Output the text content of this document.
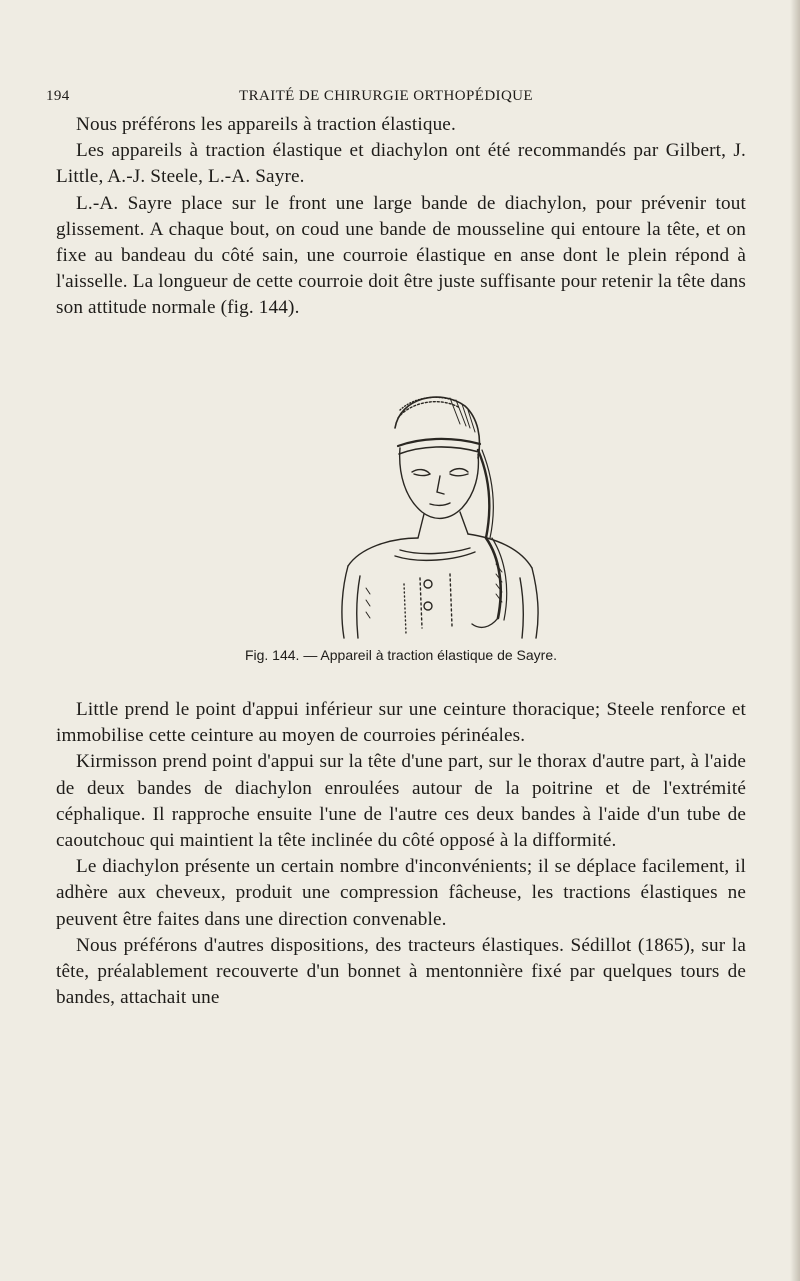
194	TRAITÉ DE CHIRURGIE ORTHOPÉDIQUE

Nous préférons les appareils à traction élastique.

Les appareils à traction élastique et diachylon ont été recommandés par Gilbert, J. Little, A.-J. Steele, L.-A. Sayre.

L.-A. Sayre place sur le front une large bande de diachylon, pour prévenir tout glissement. A chaque bout, on coud une bande de mousseline qui entoure la tête, et on fixe au bandeau du côté sain, une courroie élastique en anse dont le plein répond à l'aisselle. La longueur de cette courroie doit être juste suffisante pour retenir la tête dans son attitude normale (fig. 144).

Fig. 144. — Appareil à traction élastique de Sayre.

Little prend le point d'appui inférieur sur une ceinture thoracique; Steele renforce et immobilise cette ceinture au moyen de courroies périnéales.

Kirmisson prend point d'appui sur la tête d'une part, sur le thorax d'autre part, à l'aide de deux bandes de diachylon enroulées autour de la poitrine et de l'extrémité céphalique. Il rapproche ensuite l'une de l'autre ces deux bandes à l'aide d'un tube de caoutchouc qui maintient la tête inclinée du côté opposé à la difformité.

Le diachylon présente un certain nombre d'inconvénients; il se déplace facilement, il adhère aux cheveux, produit une compression fâcheuse, les tractions élastiques ne peuvent être faites dans une direction convenable.

Nous préférons d'autres dispositions, des tracteurs élastiques. Sédillot (1865), sur la tête, préalablement recouverte d'un bonnet à mentonnière fixé par quelques tours de bandes, attachait une
